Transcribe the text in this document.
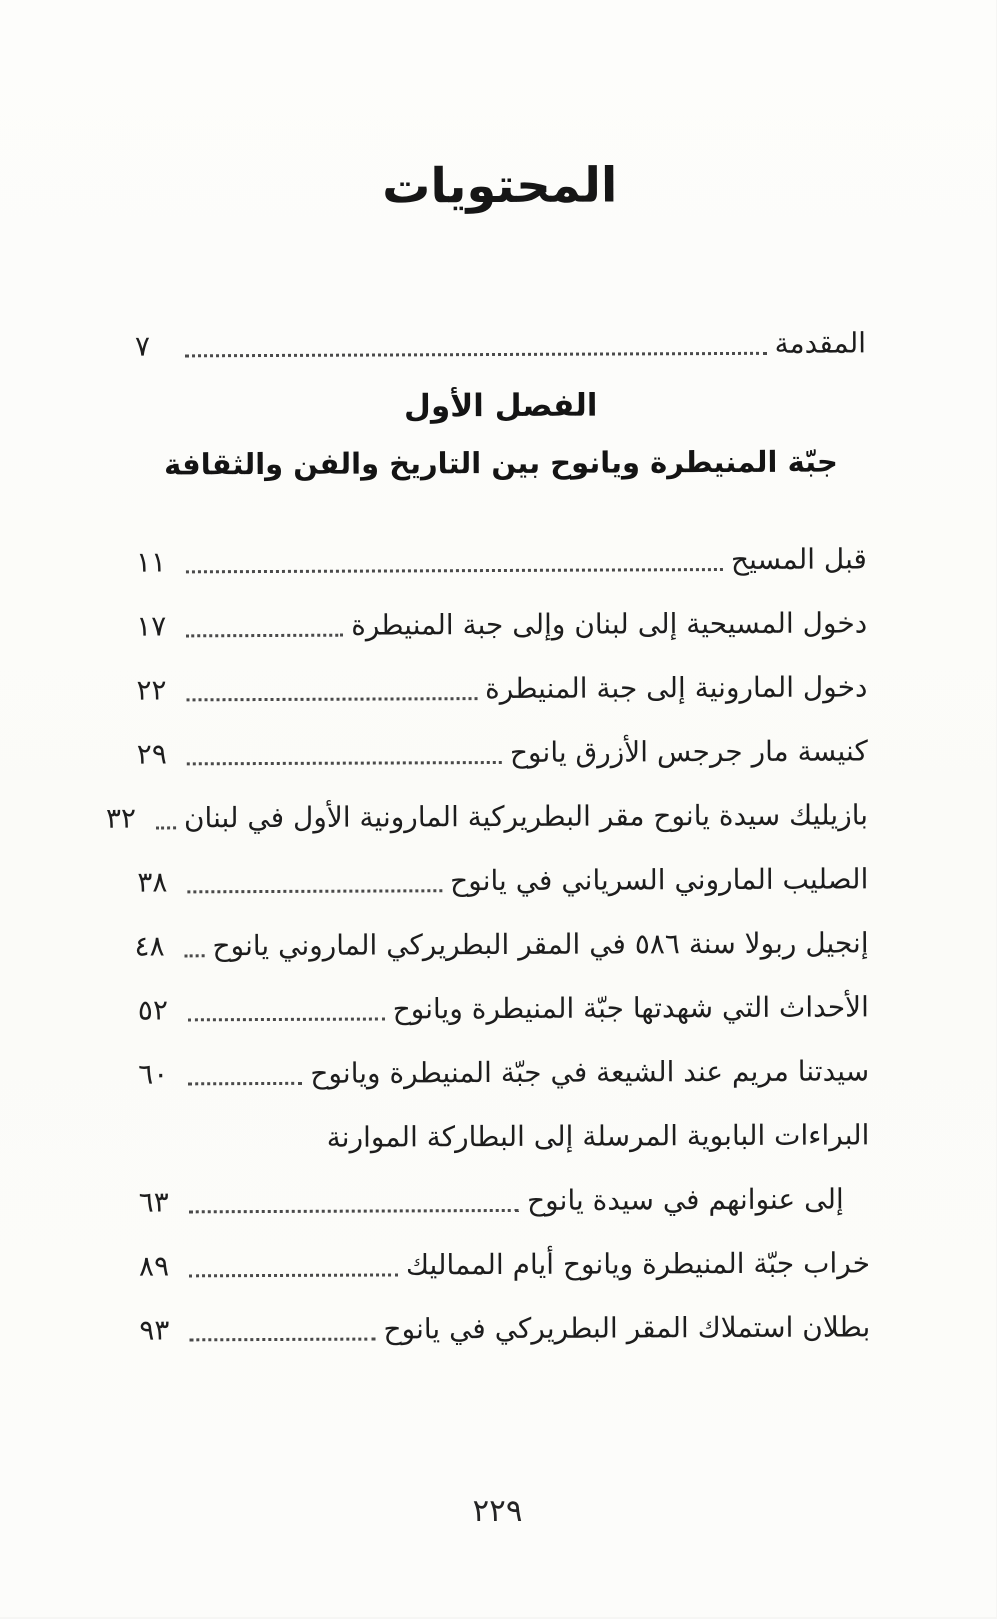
المحتويات
المقدمة
٧
الفصل الأول
جبّة المنيطرة ويانوح بين التاريخ والفن والثقافة
قبل المسيح
١١
دخول المسيحية إلى لبنان وإلى جبة المنيطرة
١٧
دخول المارونية إلى جبة المنيطرة
٢٢
كنيسة مار جرجس الأزرق يانوح
٢٩
بازيليك سيدة يانوح مقر البطريركية المارونية الأول في لبنان
٣٢
الصليب الماروني السرياني في يانوح
٣٨
إنجيل ربولا سنة ٥٨٦ في المقر البطريركي الماروني يانوح
٤٨
الأحداث التي شهدتها جبّة المنيطرة ويانوح
٥٢
سيدتنا مريم عند الشيعة في جبّة المنيطرة ويانوح
٦٠
البراءات البابوية المرسلة إلى البطاركة الموارنة
إلى عنوانهم في سيدة يانوح
٦٣
خراب جبّة المنيطرة ويانوح أيام المماليك
٨٩
بطلان استملاك المقر البطريركي في يانوح
٩٣
٢٢٩
